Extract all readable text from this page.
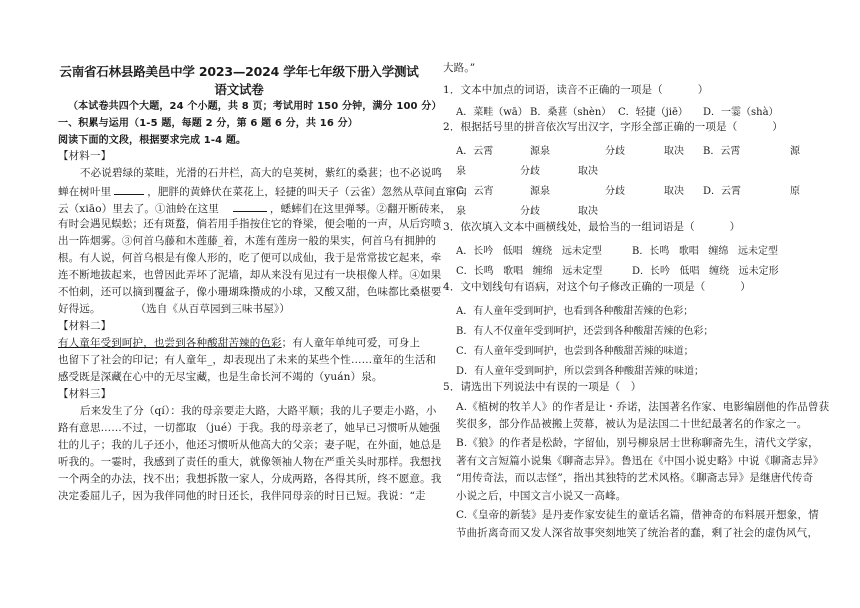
云南省石林县路美邑中学 2023—2024 学年七年级下册入学测试
语文试卷
（本试卷共四个大题，24 个小题，共 8 页；考试用时 150 分钟，满分 100 分）
一、积累与运用（1-5 题，每题 2 分，第 6 题 6 分，共 16 分）
阅读下面的文段，根据要求完成 1-4 题。
【材料一】
不必说碧绿的菜畦，光滑的石井栏，高大的皂荚树，紫红的桑葚；也不必说鸣
蝉在树叶里	，肥胖的黄蜂伏在菜花上，轻捷的叫天子（云雀）忽然从草间直窜向
云（xiāo）里去了。①油蛉在这里	，蟋蟀们在这里弹琴。②翻开断砖来，
有时会遇见蜈蚣；还有斑蝥，倘若用手指按住它的脊梁，便会啪的一声，从后窍喷
出一阵烟雾。③何首乌藤和木莲藤_着，木莲有莲房一般的果实，何首乌有拥肿的
根。有人说，何首乌根是有像人形的，吃了便可以成仙，我于是常常拔它起来，牵
连不断地拔起来，也曾因此弄坏了泥墙，却从来没有见过有一块根像人样。④如果
不怕刺，还可以摘到覆盆子，像小珊瑚珠攒成的小球，又酸又甜，色味都比桑椹要
好得远。          （选自《从百草园到三味书屋》）
【材料二】
有人童年受到呵护，也尝到各种酸甜苦辣的色彩；有人童年单纯可爱，可身上
也留下了社会的印记；有人童年_，却表现出了未来的某些个性……童年的生活和
感受既是深藏在心中的无尽宝藏，也是生命长河不竭的（yuán）泉。
【材料三】
后来发生了分（qí）：我的母亲要走大路，大路平顺；我的儿子要走小路，小
路有意思……不过，一切都取 （jué）于我。我的母亲老了，她早已习惯听从她强
壮的儿子；我的儿子还小，他还习惯听从他高大的父亲；妻子呢，在外面，她总是
听我的。一霎时，我感到了责任的重大，就像领袖人物在严重关头时那样。我想找
一个两全的办法，找不出；我想拆散一家人，分成两路，各得其所，终不愿意。我
决定委屈儿子，因为我伴同他的时日还长，我伴同母亲的时日已短。我说：“走
大路。”
1．文本中加点的词语，读音不正确的一项是（          ）
A．菜畦（wā） B．桑葚（shèn） C．轻捷（jiē） D．一霎（shà）
2．根据括号里的拼音依次写出汉字，字形全部正确的一项是（          ）
A．云霄	源泉	分歧	取决 B．云霄	源
泉	分歧	取决
C．云宵	源泉	分歧	取决 D．云霄	原
泉	分歧	取决
3．依次填入文本中画横线处，最恰当的一组词语是（          ）
A．长吟   低唱   缠绕   远未定型	B．长鸣   歌唱   缠绵   远未定型
C．长鸣   歌唱   缠绵   远未定型	D．长吟   低唱   缠绕   远未定形
4．文中划线句有语病，对这个句子修改正确的一项是（          ）
A．有人童年受到呵护，也看到各种酸甜苦辣的色彩；
B．有人不仅童年受到呵护，还尝到各种酸甜苦辣的色彩；
C．有人童年受到呵护，也尝到各种酸甜苦辣的味道；
D．有人童年受到呵护，所以尝到各种酸甜苦辣的味道；
5．请选出下列说法中有误的一项是（   ）
A.《植树的牧羊人》的作者是让・乔诺，法国著名作家、电影编剧他的作品曾获
奖很多，部分作品被搬上荧幕，被认为是法国二十世纪最著名的作家之一。
B.《狼》的作者是松龄，字留仙，别号柳泉居士世称聊斋先生，清代文学家，
著有文言短篇小说集《聊斋志异》。鲁迅在《中国小说史略》中说《聊斋志异》
“用传奇法，而以志怪”，指出其独特的艺术风格。《聊斋志异》是继唐代传奇
小说之后，中国文言小说又一高峰。
C.《皇帝的新装》是丹麦作家安徒生的童话名篇，借神奇的布料展开想象，情
节曲折离奇而又发人深省故事突刻地笑了统治者的蠢，剩了社会的虚伪风气，
